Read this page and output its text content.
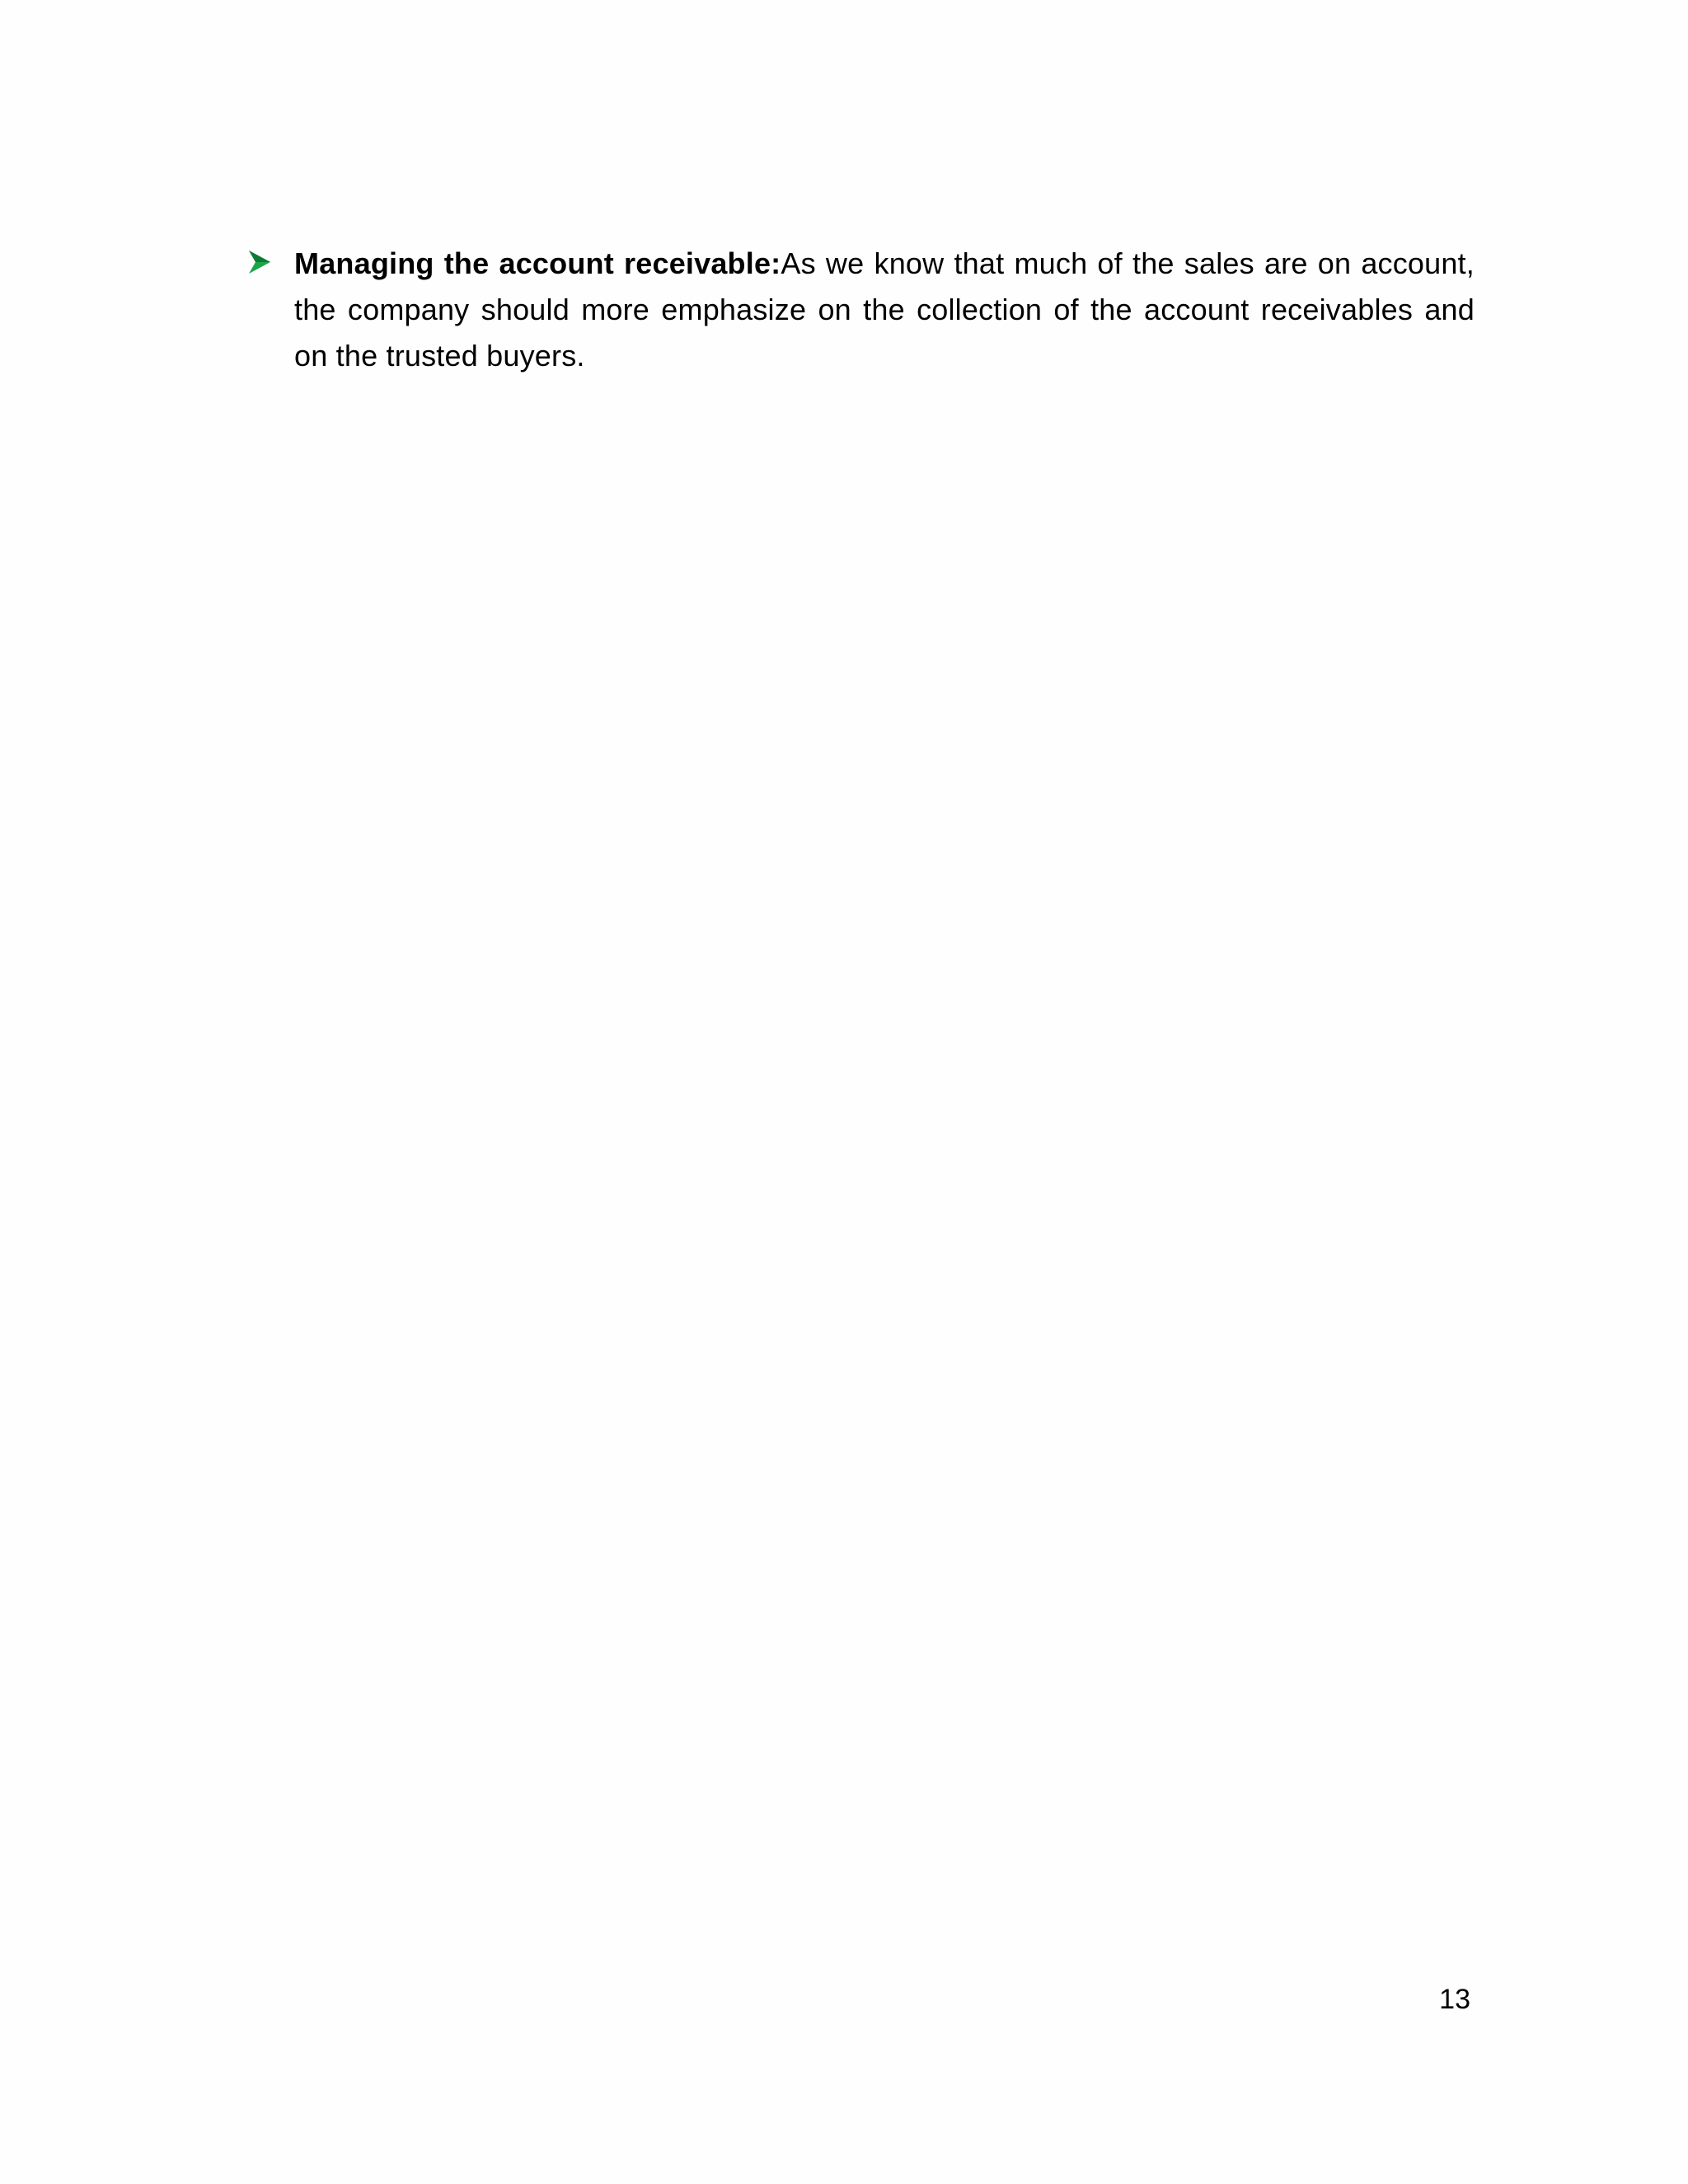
Managing the account receivable:As we know that much of the sales are on account, the company should more emphasize on the collection of the account receivables and on the trusted buyers.
13
